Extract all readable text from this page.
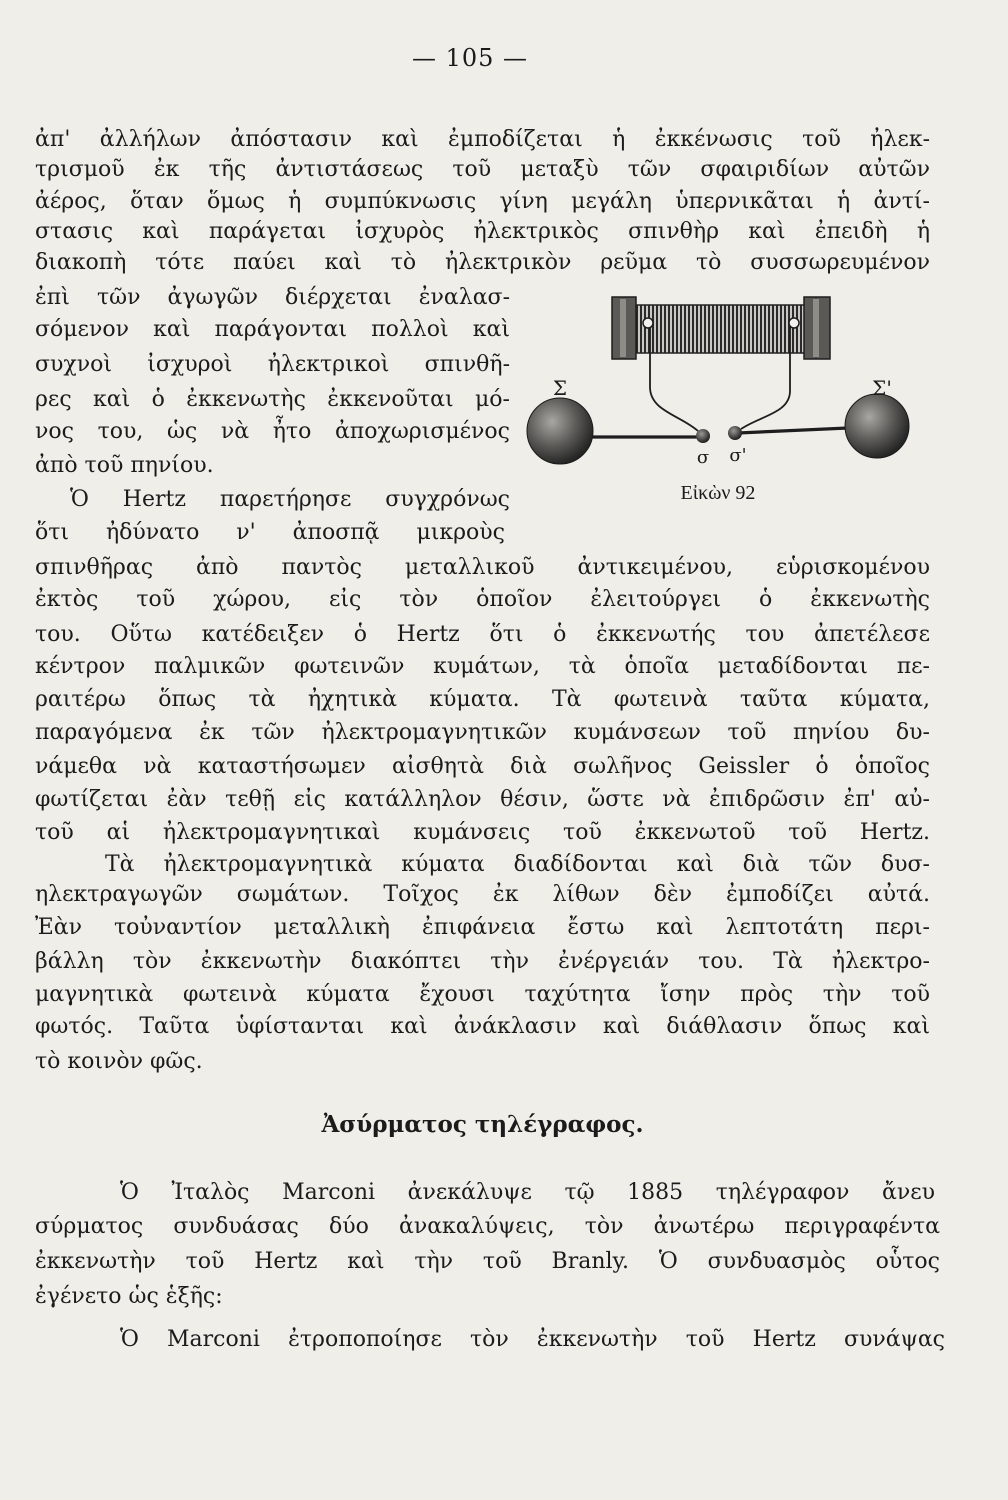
— 105 —
ἀπ' ἀλλήλων ἀπόστασιν καὶ ἐμποδίζεται ἡ ἐκκένωσις τοῦ ἠλεκ-
τρισμοῦ ἐκ τῆς ἀντιστάσεως τοῦ μεταξὺ τῶν σφαιριδίων αὐτῶν
ἀέρος, ὅταν ὅμως ἡ συμπύκνωσις γίνη μεγάλη ὑπερνικᾶται ἡ ἀντί-
στασις καὶ παράγεται ἰσχυρὸς ἠλεκτρικὸς σπινθὴρ καὶ ἐπειδὴ ἡ
διακοπὴ τότε παύει καὶ τὸ ἠλεκτρικὸν ρεῦμα τὸ συσσωρευμένον
ἐπὶ τῶν ἀγωγῶν διέρχεται ἐναλασ-
σόμενον καὶ παράγονται πολλοὶ καὶ
συχνοὶ ἰσχυροὶ ἠλεκτρικοὶ σπινθῆ-
ρες καὶ ὁ ἐκκενωτὴς ἐκκενοῦται μό-
νος του, ὡς νὰ ἦτο ἀποχωρισμένος
ἀπὸ τοῦ πηνίου.
Ὁ Hertz παρετήρησε συγχρόνως
ὅτι ἠδύνατο ν' ἀποσπᾷ μικροὺς
σπινθῆρας ἀπὸ παντὸς μεταλλικοῦ ἀντικειμένου, εὑρισκομένου
ἐκτὸς τοῦ χώρου, εἰς τὸν ὁποῖον ἐλειτούργει ὁ ἐκκενωτὴς
του. Οὕτω κατέδειξεν ὁ Hertz ὅτι ὁ ἐκκενωτής του ἀπετέλεσε
κέντρον παλμικῶν φωτεινῶν κυμάτων, τὰ ὁποῖα μεταδίδονται πε-
ραιτέρω ὅπως τὰ ἠχητικὰ κύματα. Τὰ φωτεινὰ ταῦτα κύματα,
παραγόμενα ἐκ τῶν ἠλεκτρομαγνητικῶν κυμάνσεων τοῦ πηνίου δυ-
νάμεθα νὰ καταστήσωμεν αἰσθητὰ διὰ σωλῆνος Geissler ὁ ὁποῖος
φωτίζεται ἐὰν τεθῇ εἰς κατάλληλον θέσιν, ὥστε νὰ ἐπιδρῶσιν ἐπ' αὐ-
τοῦ αἱ ἠλεκτρομαγνητικαὶ κυμάνσεις τοῦ ἐκκενωτοῦ τοῦ Hertz.
Τὰ ἠλεκτρομαγνητικὰ κύματα διαδίδονται καὶ διὰ τῶν δυσ-
ηλεκτραγωγῶν σωμάτων. Τοῖχος ἐκ λίθων δὲν ἐμποδίζει αὐτά.
Ἐὰν τοὐναντίον μεταλλικὴ ἐπιφάνεια ἔστω καὶ λεπτοτάτη περι-
βάλλη τὸν ἐκκενωτὴν διακόπτει τὴν ἐνέργειάν του. Τὰ ἠλεκτρο-
μαγνητικὰ φωτεινὰ κύματα ἔχουσι ταχύτητα ἴσην πρὸς τὴν τοῦ
φωτός. Ταῦτα ὑφίστανται καὶ ἀνάκλασιν καὶ διάθλασιν ὅπως καὶ
τὸ κοινὸν φῶς.
Ἀσύρματος τηλέγραφος.
Ὁ Ἰταλὸς Marconi ἀνεκάλυψε τῷ 1885 τηλέγραφον ἄνευ
σύρματος συνδυάσας δύο ἀνακαλύψεις, τὸν ἀνωτέρω περιγραφέντα
ἐκκενωτὴν τοῦ Hertz καὶ τὴν τοῦ Branly. Ὁ συνδυασμὸς οὗτος
ἐγένετο ὡς ἑξῆς:
Ὁ Marconi ἐτροποποίησε τὸν ἐκκενωτὴν τοῦ Hertz συνάψας
Σ	Σ'
σ σ'
Εἰκὼν 92
